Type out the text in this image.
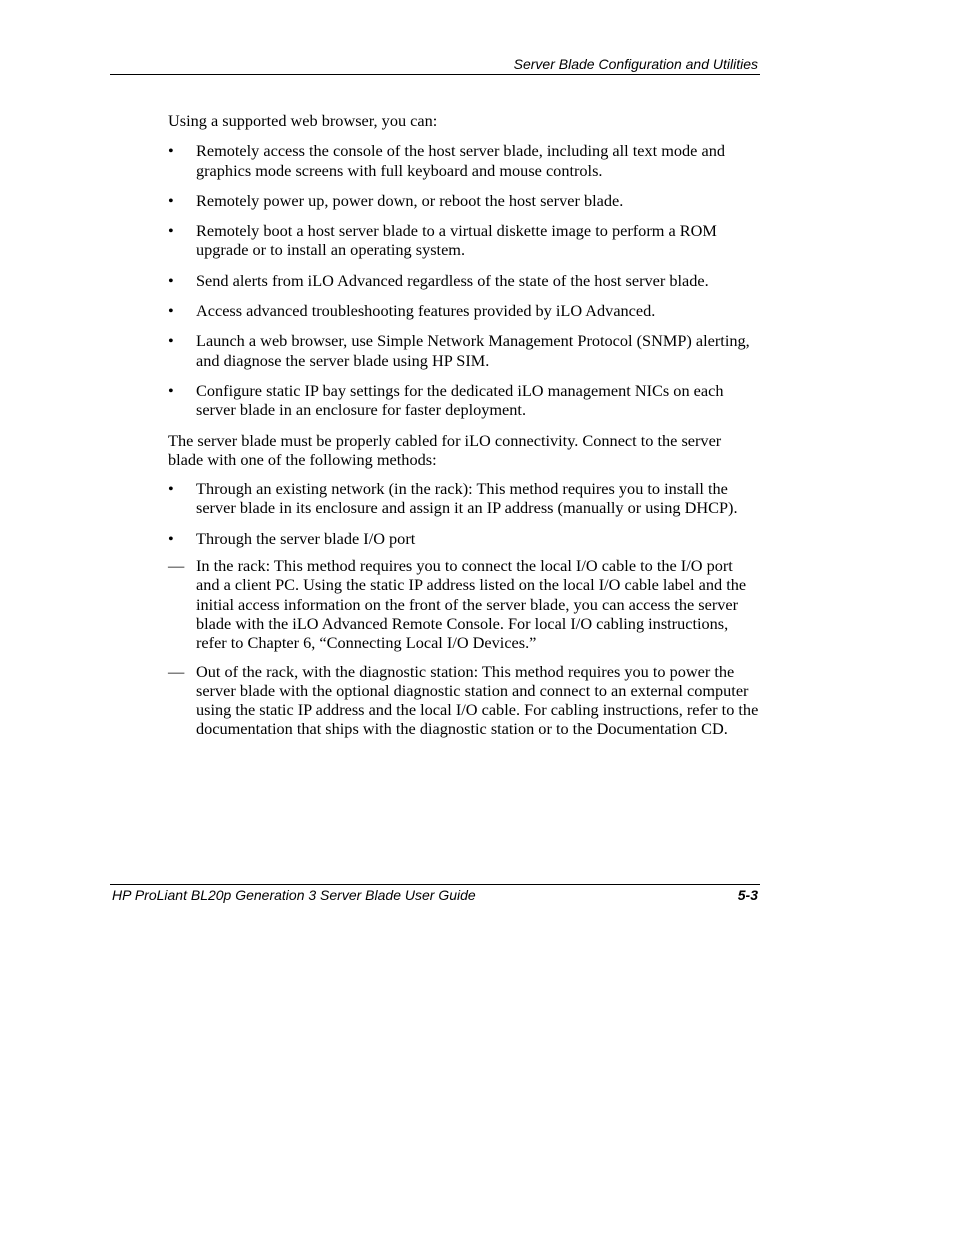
Server Blade Configuration and Utilities

Using a supported web browser, you can:

• Remotely access the console of the host server blade, including all text mode and graphics mode screens with full keyboard and mouse controls.
• Remotely power up, power down, or reboot the host server blade.
• Remotely boot a host server blade to a virtual diskette image to perform a ROM upgrade or to install an operating system.
• Send alerts from iLO Advanced regardless of the state of the host server blade.
• Access advanced troubleshooting features provided by iLO Advanced.
• Launch a web browser, use Simple Network Management Protocol (SNMP) alerting, and diagnose the server blade using HP SIM.
• Configure static IP bay settings for the dedicated iLO management NICs on each server blade in an enclosure for faster deployment.

The server blade must be properly cabled for iLO connectivity. Connect to the server blade with one of the following methods:

• Through an existing network (in the rack): This method requires you to install the server blade in its enclosure and assign it an IP address (manually or using DHCP).
• Through the server blade I/O port
— In the rack: This method requires you to connect the local I/O cable to the I/O port and a client PC. Using the static IP address listed on the local I/O cable label and the initial access information on the front of the server blade, you can access the server blade with the iLO Advanced Remote Console. For local I/O cabling instructions, refer to Chapter 6, “Connecting Local I/O Devices.”
— Out of the rack, with the diagnostic station: This method requires you to power the server blade with the optional diagnostic station and connect to an external computer using the static IP address and the local I/O cable. For cabling instructions, refer to the documentation that ships with the diagnostic station or to the Documentation CD.
HP ProLiant BL20p Generation 3 Server Blade User Guide	5-3
